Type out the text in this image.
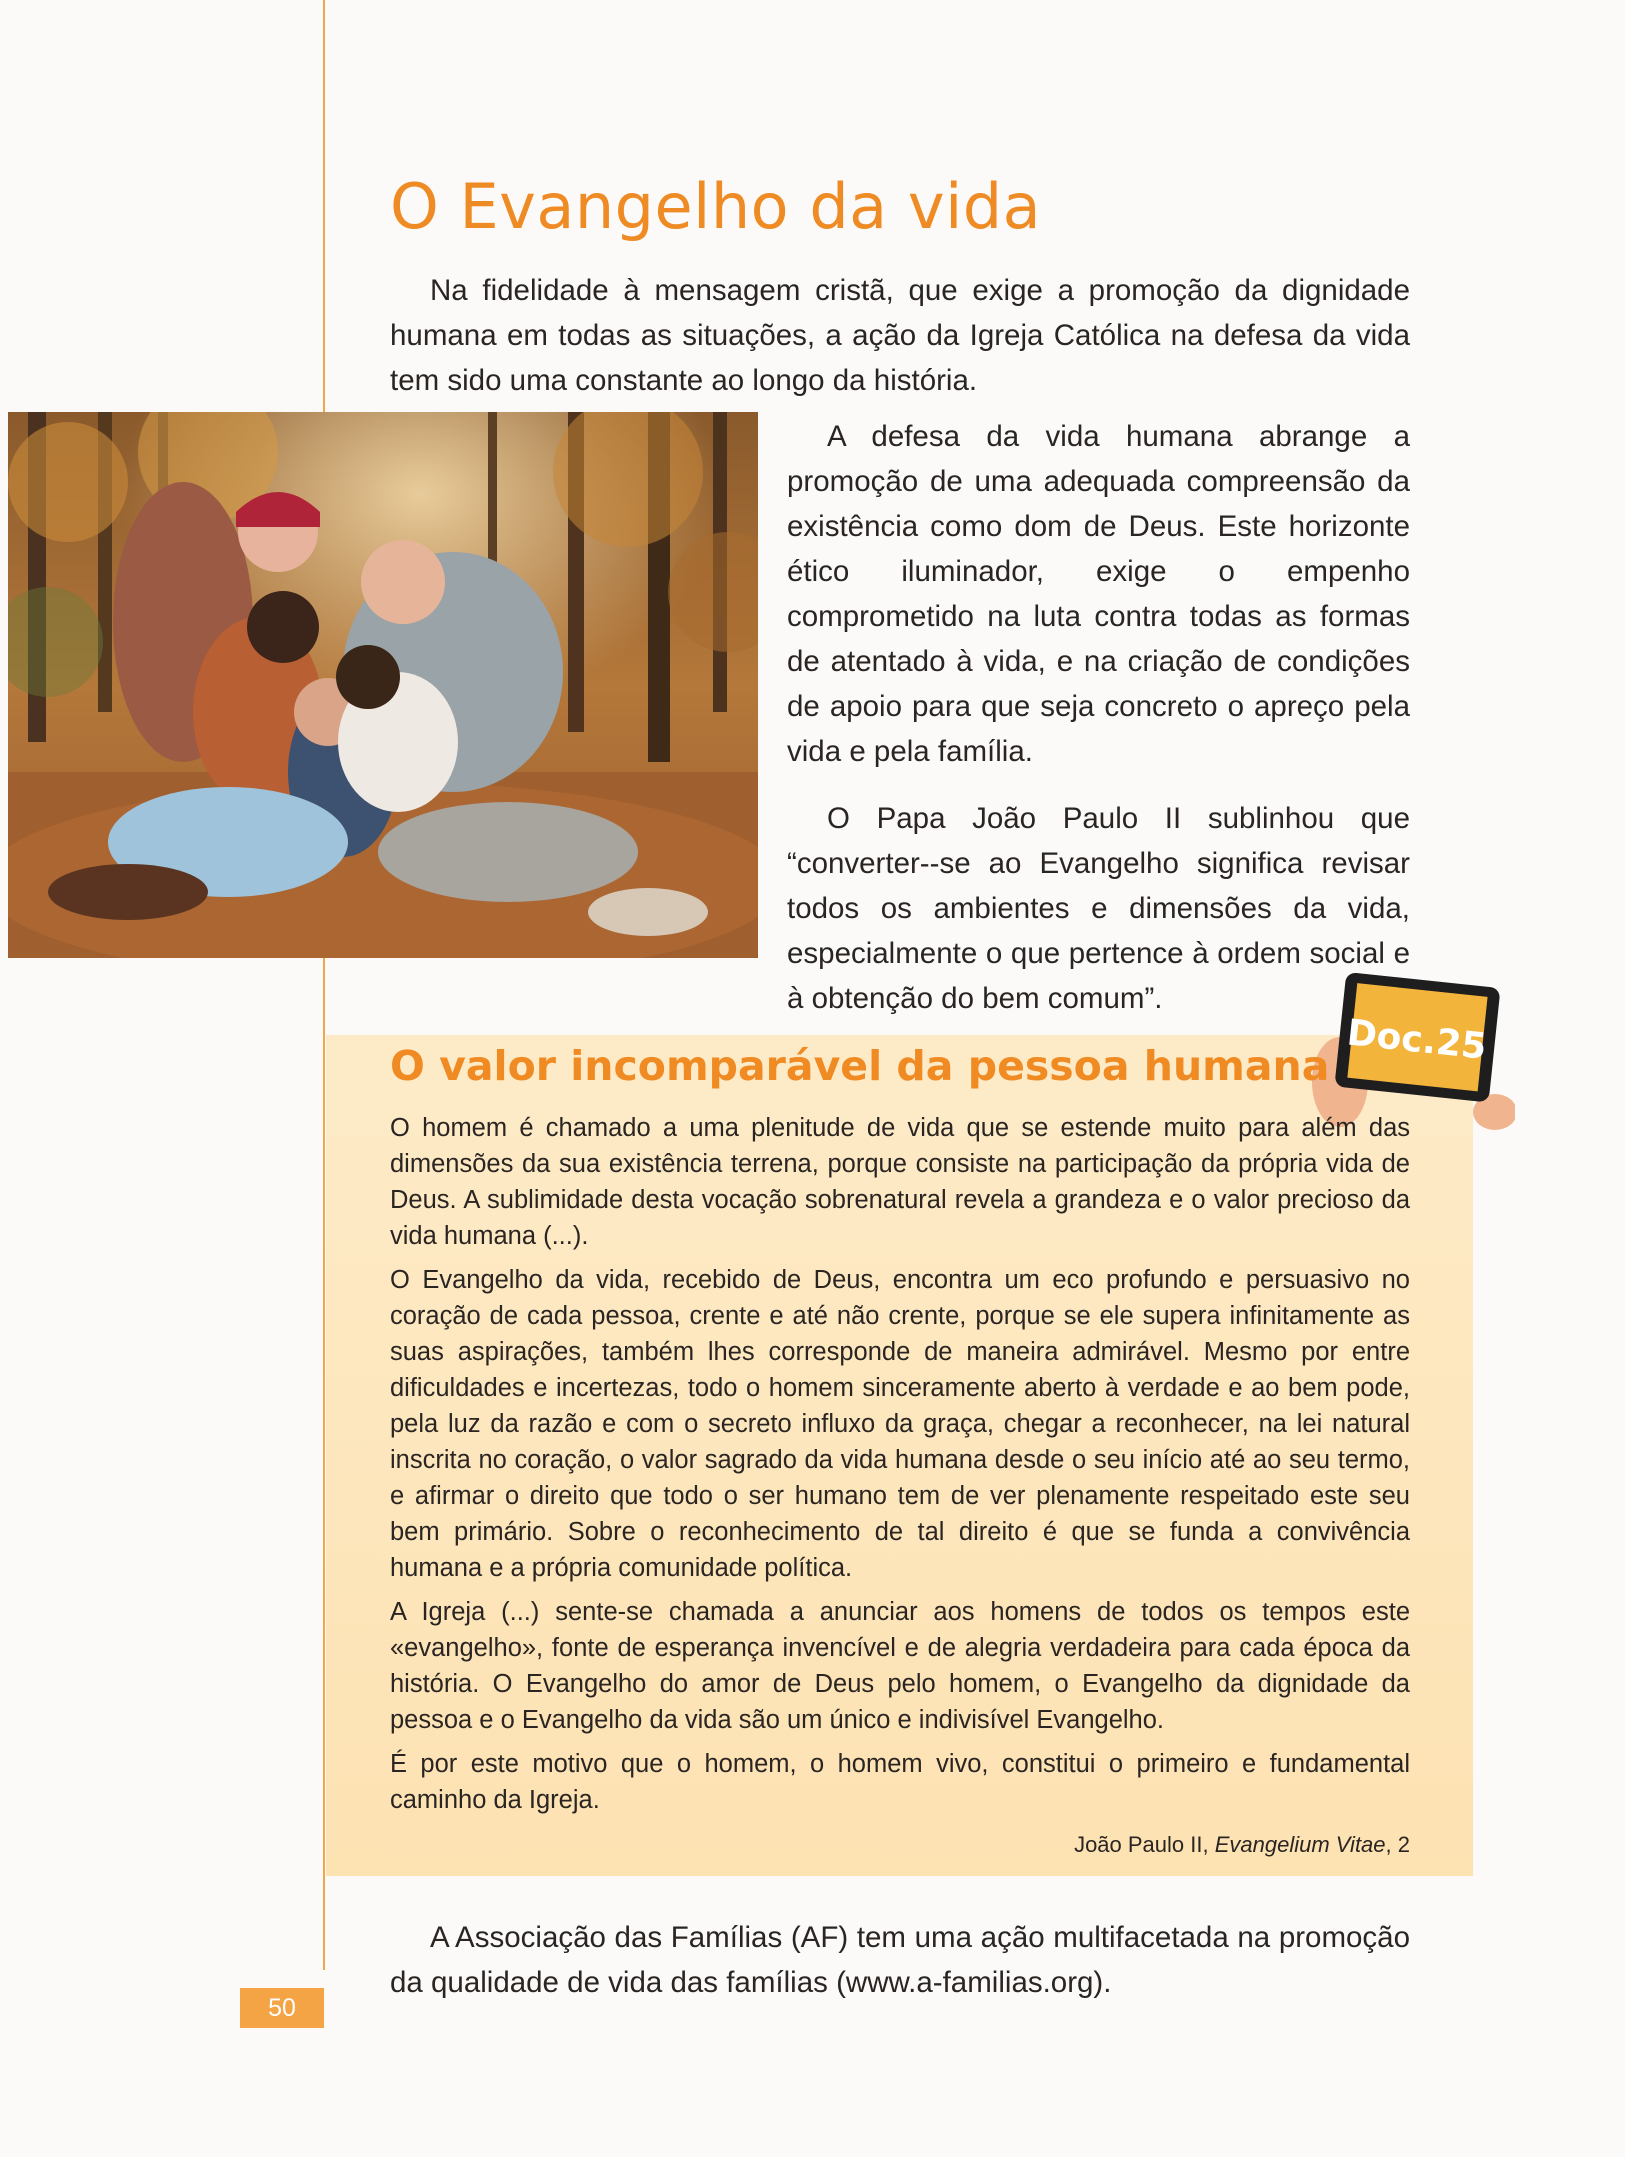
O Evangelho da vida

Na fidelidade à mensagem cristã, que exige a promoção da dignidade humana em todas as situações, a ação da Igreja Católica na defesa da vida tem sido uma constante ao longo da história.

A defesa da vida humana abrange a promoção de uma adequada compreensão da existência como dom de Deus. Este horizonte ético iluminador, exige o empenho comprometido na luta contra todas as formas de atentado à vida, e na criação de condições de apoio para que seja concreto o apreço pela vida e pela família.

O Papa João Paulo II sublinhou que “converter--se ao Evangelho significa revisar todos os ambientes e dimensões da vida, especialmente o que pertence à ordem social e à obtenção do bem comum”.

Doc.25
O valor incomparável da pessoa humana

O homem é chamado a uma plenitude de vida que se estende muito para além das dimensões da sua existência terrena, porque consiste na participação da própria vida de Deus. A sublimidade desta vocação sobrenatural revela a grandeza e o valor precioso da vida humana (...).

O Evangelho da vida, recebido de Deus, encontra um eco profundo e persuasivo no coração de cada pessoa, crente e até não crente, porque se ele supera infinitamente as suas aspirações, também lhes corresponde de maneira admirável. Mesmo por entre dificuldades e incertezas, todo o homem sinceramente aberto à verdade e ao bem pode, pela luz da razão e com o secreto influxo da graça, chegar a reconhecer, na lei natural inscrita no coração, o valor sagrado da vida humana desde o seu início até ao seu termo, e afirmar o direito que todo o ser humano tem de ver plenamente respeitado este seu bem primário. Sobre o reconhecimento de tal direito é que se funda a convivência humana e a própria comunidade política.

A Igreja (...) sente-se chamada a anunciar aos homens de todos os tempos este «evangelho», fonte de esperança invencível e de alegria verdadeira para cada época da história. O Evangelho do amor de Deus pelo homem, o Evangelho da dignidade da pessoa e o Evangelho da vida são um único e indivisível Evangelho.

É por este motivo que o homem, o homem vivo, constitui o primeiro e fundamental caminho da Igreja.

João Paulo II, Evangelium Vitae, 2

A Associação das Famílias (AF) tem uma ação multifacetada na promoção da qualidade de vida das famílias (www.a-familias.org).

50
